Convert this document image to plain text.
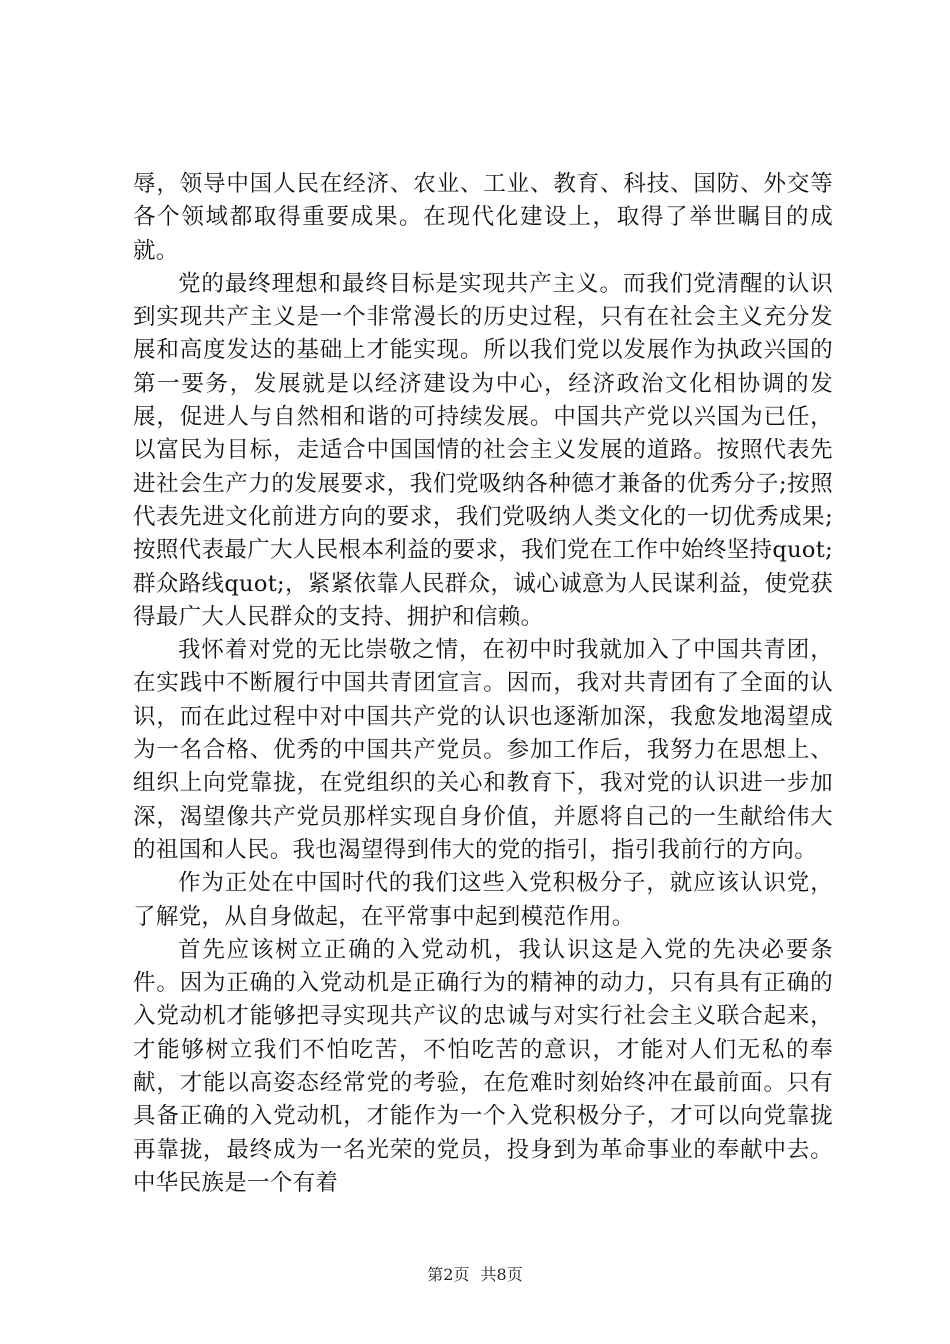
辱，领导中国人民在经济、农业、工业、教育、科技、国防、外交等各个领域都取得重要成果。在现代化建设上，取得了举世瞩目的成就。

党的最终理想和最终目标是实现共产主义。而我们党清醒的认识到实现共产主义是一个非常漫长的历史过程，只有在社会主义充分发展和高度发达的基础上才能实现。所以我们党以发展作为执政兴国的第一要务，发展就是以经济建设为中心，经济政治文化相协调的发展，促进人与自然相和谐的可持续发展。中国共产党以兴国为已任，以富民为目标，走适合中国国情的社会主义发展的道路。按照代表先进社会生产力的发展要求，我们党吸纳各种德才兼备的优秀分子;按照代表先进文化前进方向的要求，我们党吸纳人类文化的一切优秀成果;按照代表最广大人民根本利益的要求，我们党在工作中始终坚持quot;群众路线quot;，紧紧依靠人民群众，诚心诚意为人民谋利益，使党获得最广大人民群众的支持、拥护和信赖。

我怀着对党的无比崇敬之情，在初中时我就加入了中国共青团，在实践中不断履行中国共青团宣言。因而，我对共青团有了全面的认识，而在此过程中对中国共产党的认识也逐渐加深，我愈发地渴望成为一名合格、优秀的中国共产党员。参加工作后，我努力在思想上、组织上向党靠拢，在党组织的关心和教育下，我对党的认识进一步加深，渴望像共产党员那样实现自身价值，并愿将自己的一生献给伟大的祖国和人民。我也渴望得到伟大的党的指引，指引我前行的方向。

作为正处在中国时代的我们这些入党积极分子，就应该认识党，了解党，从自身做起，在平常事中起到模范作用。

首先应该树立正确的入党动机，我认识这是入党的先决必要条件。因为正确的入党动机是正确行为的精神的动力，只有具有正确的入党动机才能够把寻实现共产议的忠诚与对实行社会主义联合起来，才能够树立我们不怕吃苦，不怕吃苦的意识，才能对人们无私的奉献，才能以高姿态经常党的考验，在危难时刻始终冲在最前面。只有具备正确的入党动机，才能作为一个入党积极分子，才可以向党靠拢再靠拢，最终成为一名光荣的党员，投身到为革命事业的奉献中去。中华民族是一个有着

第2页 共8页
